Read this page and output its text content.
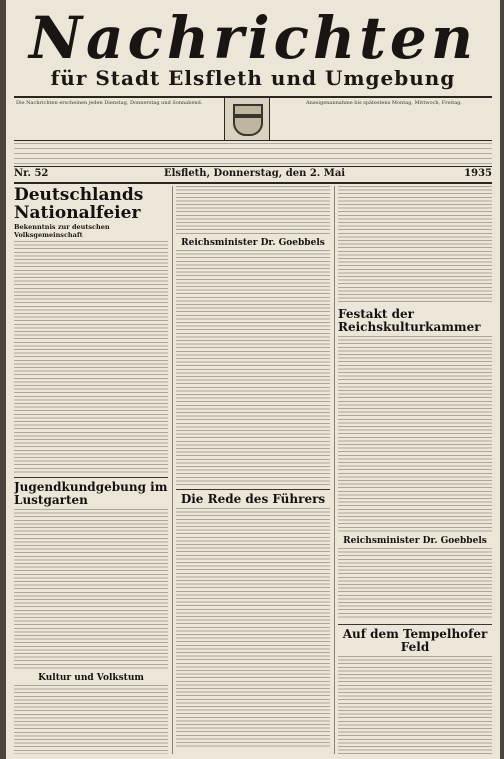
Nachrichten
für Stadt Elsfleth und Umgebung
Die Nachrichten erscheinen jeden Dienstag, Donnerstag und Sonnabend.	Anzeigenannahme bis spätestens Montag, Mittwoch, Freitag.
Nr. 52	Elsfleth, Donnerstag, den 2. Mai	1935
Deutschlands Nationalfeier
Bekenntnis zur deutschen Volksgemeinschaft
Jugendkundgebung im Lustgarten
Kultur und Volkstum
Reichsminister Dr. Goebbels
Die Rede des Führers
Festakt der Reichskulturkammer
Reichsminister Dr. Goebbels
Auf dem Tempelhofer Feld
